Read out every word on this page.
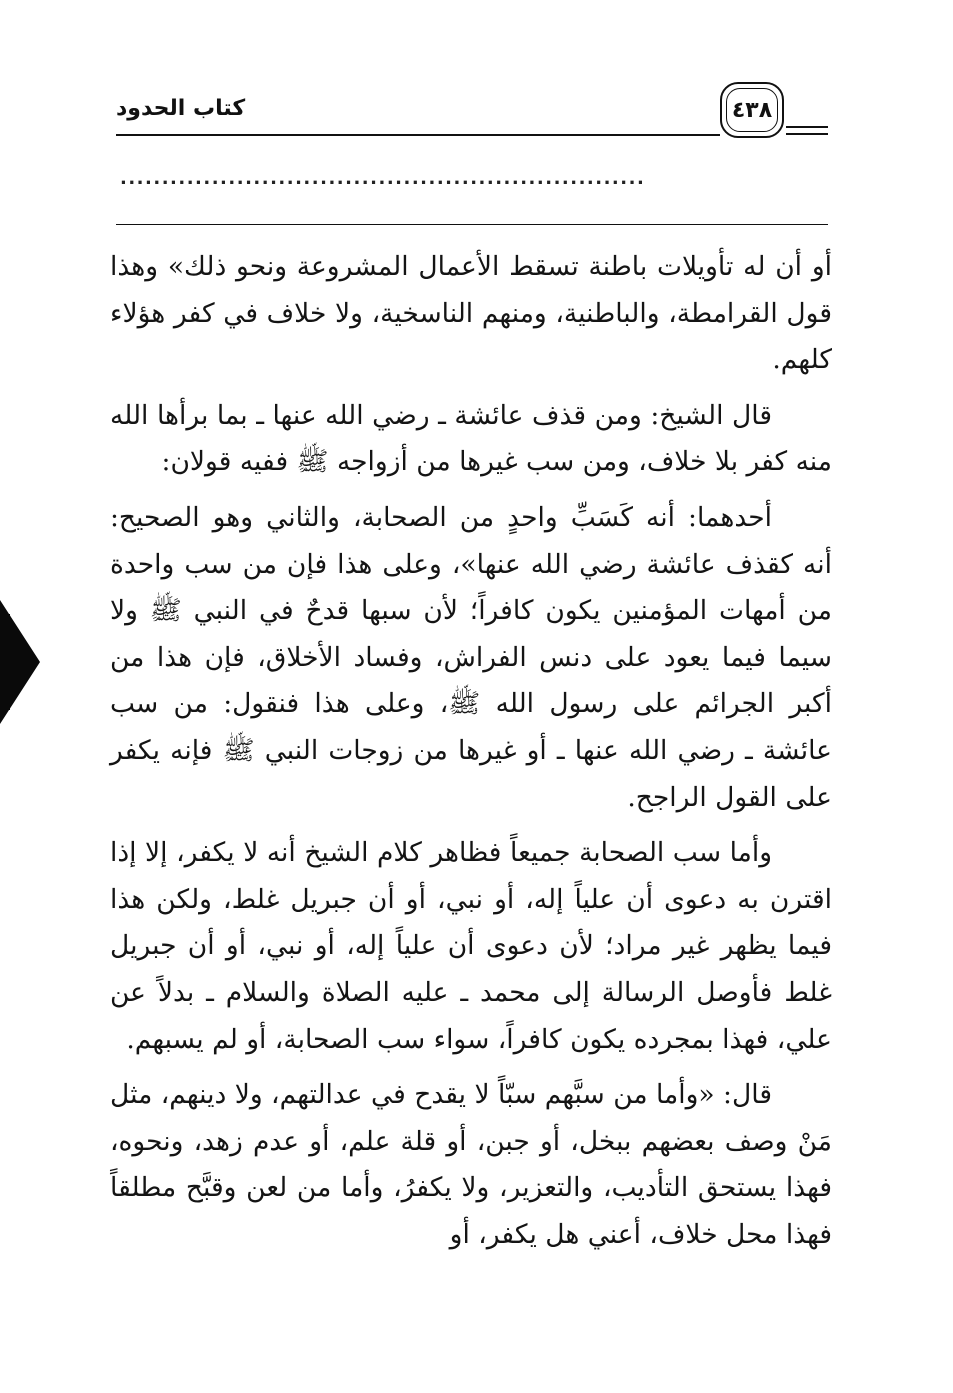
كتاب الحدود	٤٣٨
...............................................................

أو أن له تأويلات باطنة تسقط الأعمال المشروعة ونحو ذلك» وهذا قول القرامطة، والباطنية، ومنهم الناسخية، ولا خلاف في كفر هؤلاء كلهم.

قال الشيخ: ومن قذف عائشة ـ رضي الله عنها ـ بما برأها الله منه كفر بلا خلاف، ومن سب غيرها من أزواجه ﷺ ففيه قولان:

أحدهما: أنه كَسَبِّ واحدٍ من الصحابة، والثاني وهو الصحيح: أنه كقذف عائشة رضي الله عنها»، وعلى هذا فإن من سب واحدة من أمهات المؤمنين يكون كافراً؛ لأن سبها قدحٌ في النبي ﷺ ولا سيما فيما يعود على دنس الفراش، وفساد الأخلاق، فإن هذا من أكبر الجرائم على رسول الله ﷺ، وعلى هذا فنقول: من سب عائشة ـ رضي الله عنها ـ أو غيرها من زوجات النبي ﷺ فإنه يكفر على القول الراجح.

وأما سب الصحابة جميعاً فظاهر كلام الشيخ أنه لا يكفر، إلا إذا اقترن به دعوى أن علياً إله، أو نبي، أو أن جبريل غلط، ولكن هذا فيما يظهر غير مراد؛ لأن دعوى أن علياً إله، أو نبي، أو أن جبريل غلط فأوصل الرسالة إلى محمد ـ عليه الصلاة والسلام ـ بدلاً عن علي، فهذا بمجرده يكون كافراً، سواء سب الصحابة، أو لم يسبهم.

قال: «وأما من سبَّهم سبّاً لا يقدح في عدالتهم، ولا دينهم، مثل مَنْ وصف بعضهم ببخل، أو جبن، أو قلة علم، أو عدم زهد، ونحوه، فهذا يستحق التأديب، والتعزير، ولا يكفرُ، وأما من لعن وقبَّح مطلقاً فهذا محل خلاف، أعني هل يكفر، أو
